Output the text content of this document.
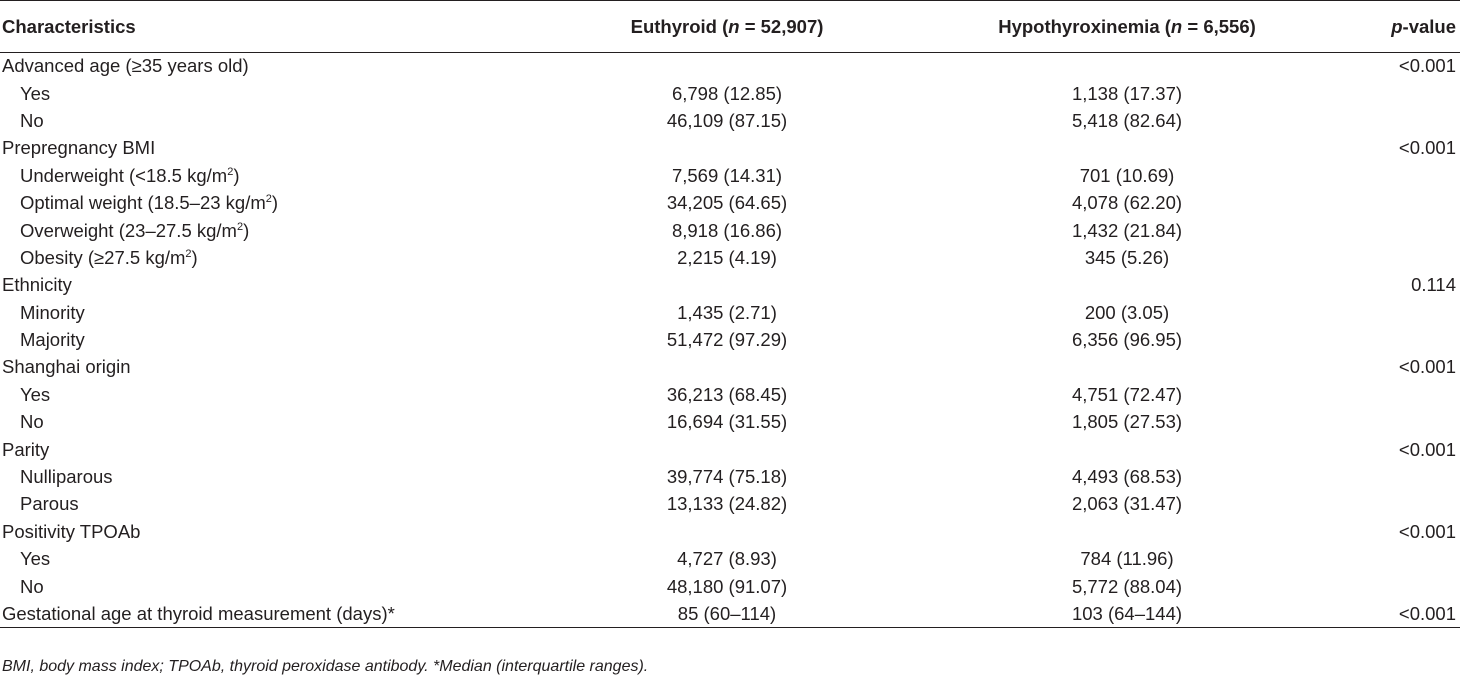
Characteristics	Euthyroid (n = 52,907)	Hypothyroxinemia (n = 6,556)	p-value
Advanced age (≥35 years old)			<0.001
Yes	6,798 (12.85)	1,138 (17.37)	
No	46,109 (87.15)	5,418 (82.64)	
Prepregnancy BMI			<0.001
Underweight (<18.5 $kg/m^2$)	7,569 (14.31)	701 (10.69)	
Optimal weight (18.5–23 $kg/m^2$)	34,205 (64.65)	4,078 (62.20)	
Overweight (23–27.5 $kg/m^2$)	8,918 (16.86)	1,432 (21.84)	
Obesity (≥27.5 $kg/m^2$)	2,215 (4.19)	345 (5.26)	
Ethnicity			0.114
Minority	1,435 (2.71)	200 (3.05)	
Majority	51,472 (97.29)	6,356 (96.95)	
Shanghai origin			<0.001
Yes	36,213 (68.45)	4,751 (72.47)	
No	16,694 (31.55)	1,805 (27.53)	
Parity			<0.001
Nulliparous	39,774 (75.18)	4,493 (68.53)	
Parous	13,133 (24.82)	2,063 (31.47)	
Positivity TPOAb			<0.001
Yes	4,727 (8.93)	784 (11.96)	
No	48,180 (91.07)	5,772 (88.04)	
Gestational age at thyroid measurement (days)*	85 (60–114)	103 (64–144)	<0.001
BMI, body mass index; TPOAb, thyroid peroxidase antibody. *Median (interquartile ranges).
